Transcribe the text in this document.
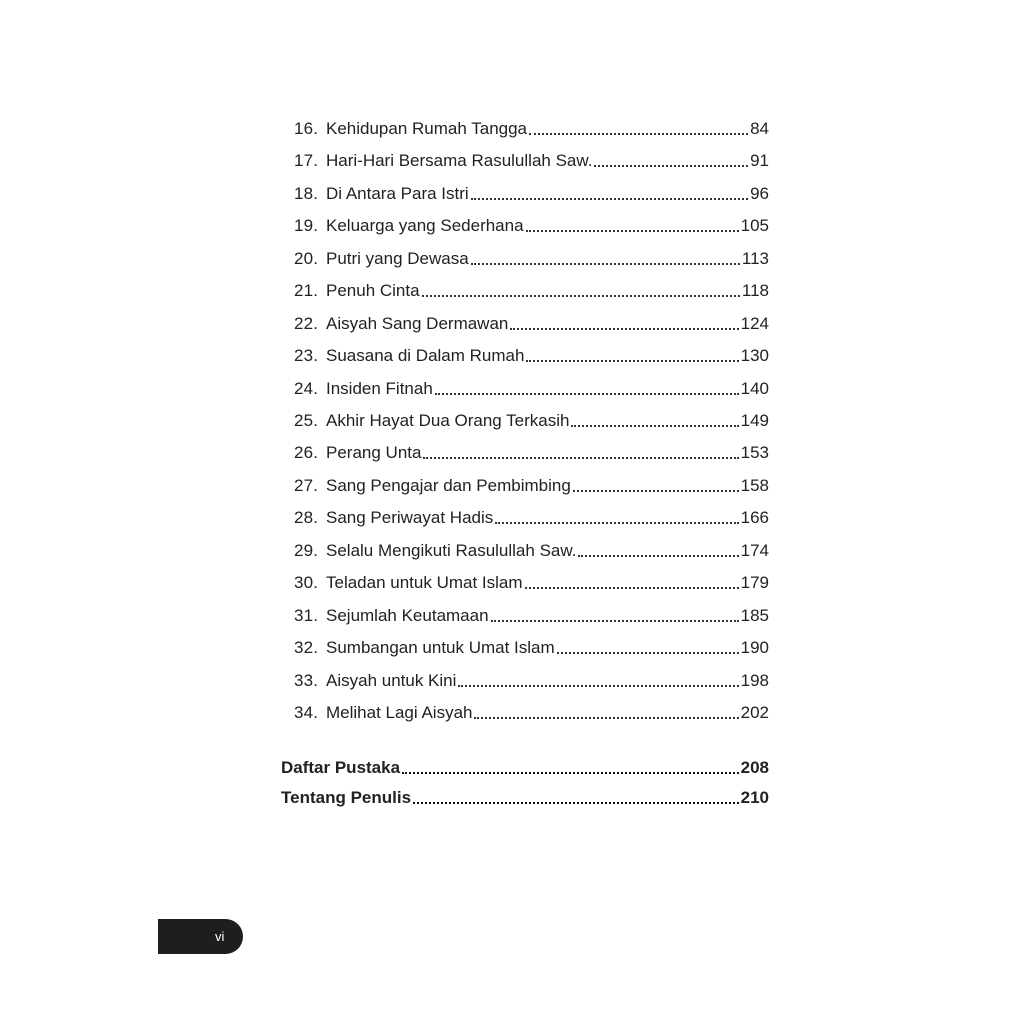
16. Kehidupan Rumah Tangga	84
17. Hari-Hari Bersama Rasulullah Saw.	91
18. Di Antara Para Istri	96
19. Keluarga yang Sederhana	105
20. Putri yang Dewasa	113
21. Penuh Cinta	118
22. Aisyah Sang Dermawan	124
23. Suasana di Dalam Rumah	130
24. Insiden Fitnah	140
25. Akhir Hayat Dua Orang Terkasih	149
26. Perang Unta	153
27. Sang Pengajar dan Pembimbing	158
28. Sang Periwayat Hadis	166
29. Selalu Mengikuti Rasulullah Saw.	174
30. Teladan untuk Umat Islam	179
31. Sejumlah Keutamaan	185
32. Sumbangan untuk Umat Islam	190
33. Aisyah untuk Kini	198
34. Melihat Lagi Aisyah	202
Daftar Pustaka	208
Tentang Penulis	210
vi
